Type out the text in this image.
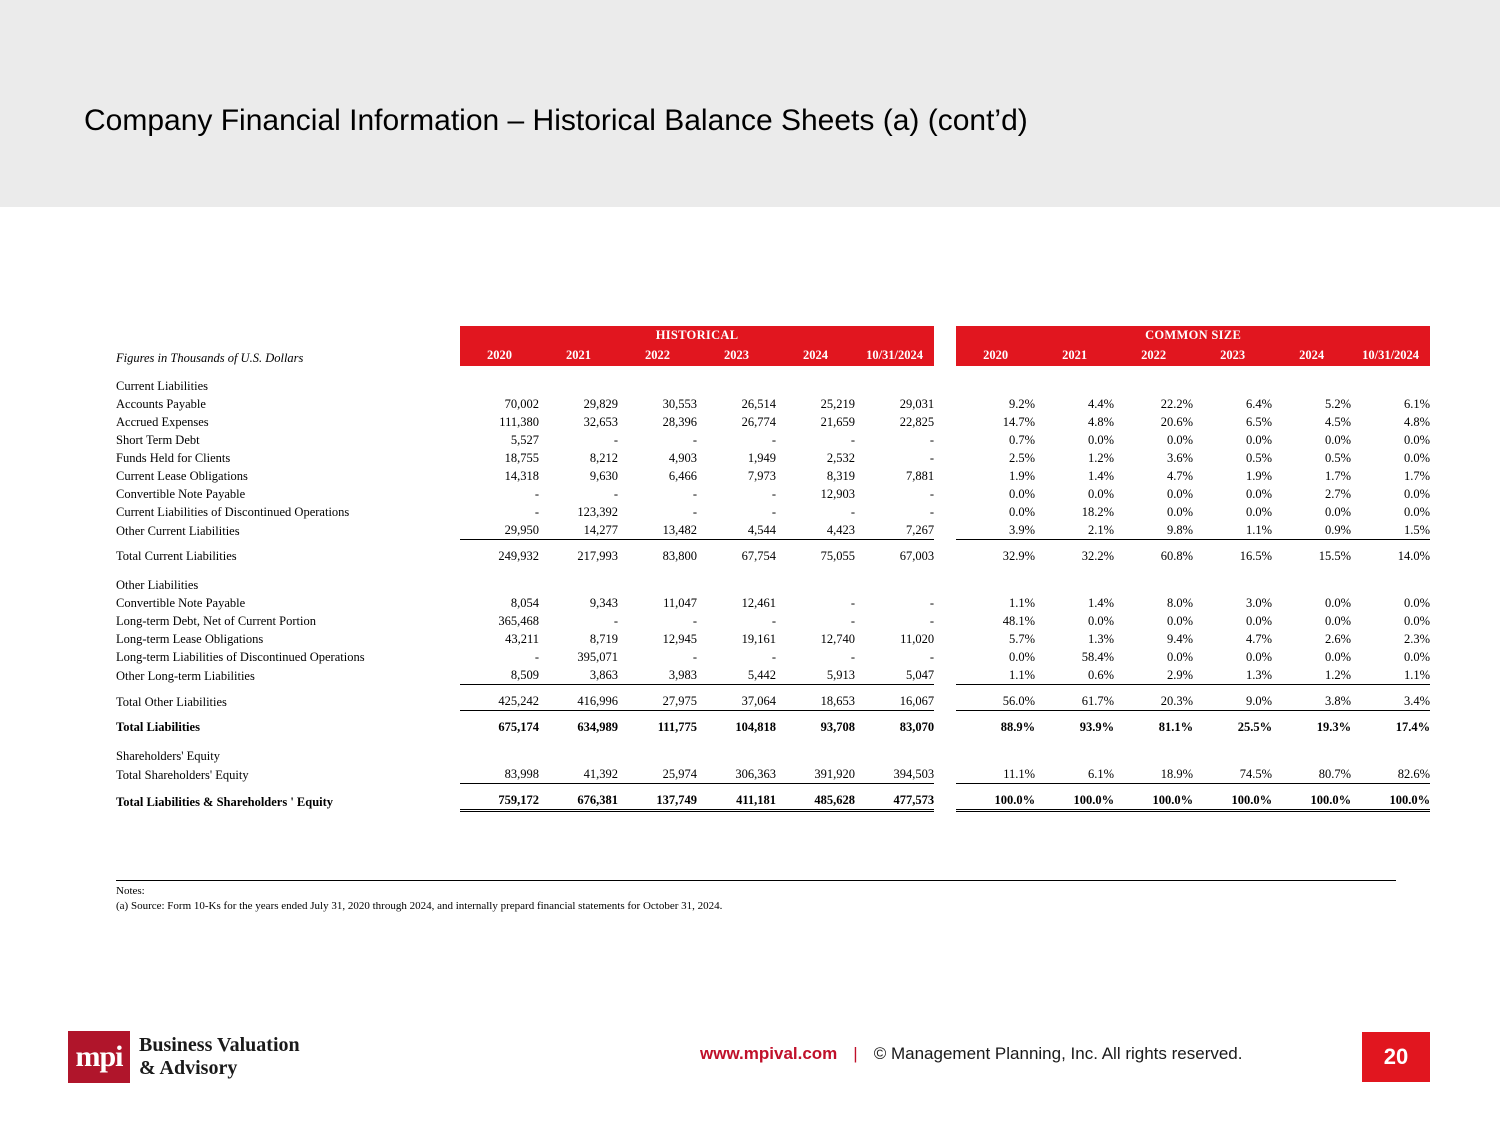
Company Financial Information – Historical Balance Sheets (a) (cont’d)
	HISTORICAL							COMMON SIZE					
Figures in Thousands of U.S. Dollars	2020	2021	2022	2023	2024	10/31/2024		2020	2021	2022	2023	2024	10/31/2024

Current Liabilities													
Accounts Payable	70,002	29,829	30,553	26,514	25,219	29,031		9.2%	4.4%	22.2%	6.4%	5.2%	6.1%
Accrued Expenses	111,380	32,653	28,396	26,774	21,659	22,825		14.7%	4.8%	20.6%	6.5%	4.5%	4.8%
Short Term Debt	5,527	-	-	-	-	-		0.7%	0.0%	0.0%	0.0%	0.0%	0.0%
Funds Held for Clients	18,755	8,212	4,903	1,949	2,532	-		2.5%	1.2%	3.6%	0.5%	0.5%	0.0%
Current Lease Obligations	14,318	9,630	6,466	7,973	8,319	7,881		1.9%	1.4%	4.7%	1.9%	1.7%	1.7%
Convertible Note Payable	-	-	-	-	12,903	-		0.0%	0.0%	0.0%	0.0%	2.7%	0.0%
Current Liabilities of Discontinued Operations	-	123,392	-	-	-	-		0.0%	18.2%	0.0%	0.0%	0.0%	0.0%
Other Current Liabilities	29,950	14,277	13,482	4,544	4,423	7,267		3.9%	2.1%	9.8%	1.1%	0.9%	1.5%

Total Current Liabilities	249,932	217,993	83,800	67,754	75,055	67,003		32.9%	32.2%	60.8%	16.5%	15.5%	14.0%

Other Liabilities													
Convertible Note Payable	8,054	9,343	11,047	12,461	-	-		1.1%	1.4%	8.0%	3.0%	0.0%	0.0%
Long-term Debt, Net of Current Portion	365,468	-	-	-	-	-		48.1%	0.0%	0.0%	0.0%	0.0%	0.0%
Long-term Lease Obligations	43,211	8,719	12,945	19,161	12,740	11,020		5.7%	1.3%	9.4%	4.7%	2.6%	2.3%
Long-term Liabilities of Discontinued Operations	-	395,071	-	-	-	-		0.0%	58.4%	0.0%	0.0%	0.0%	0.0%
Other Long-term Liabilities	8,509	3,863	3,983	5,442	5,913	5,047		1.1%	0.6%	2.9%	1.3%	1.2%	1.1%

Total Other Liabilities	425,242	416,996	27,975	37,064	18,653	16,067		56.0%	61.7%	20.3%	9.0%	3.8%	3.4%

Total Liabilities	675,174	634,989	111,775	104,818	93,708	83,070		88.9%	93.9%	81.1%	25.5%	19.3%	17.4%

Shareholders' Equity													
Total Shareholders' Equity	83,998	41,392	25,974	306,363	391,920	394,503		11.1%	6.1%	18.9%	74.5%	80.7%	82.6%

Total Liabilities & Shareholders ' Equity	759,172	676,381	137,749	411,181	485,628	477,573		100.0%	100.0%	100.0%	100.0%	100.0%	100.0%
Notes:
(a) Source: Form 10-Ks for the years ended July 31, 2020 through 2024, and internally prepard financial statements for October 31, 2024.
mpi Business Valuation
& Advisory
www.mpival.com | © Management Planning, Inc. All rights reserved.	20
